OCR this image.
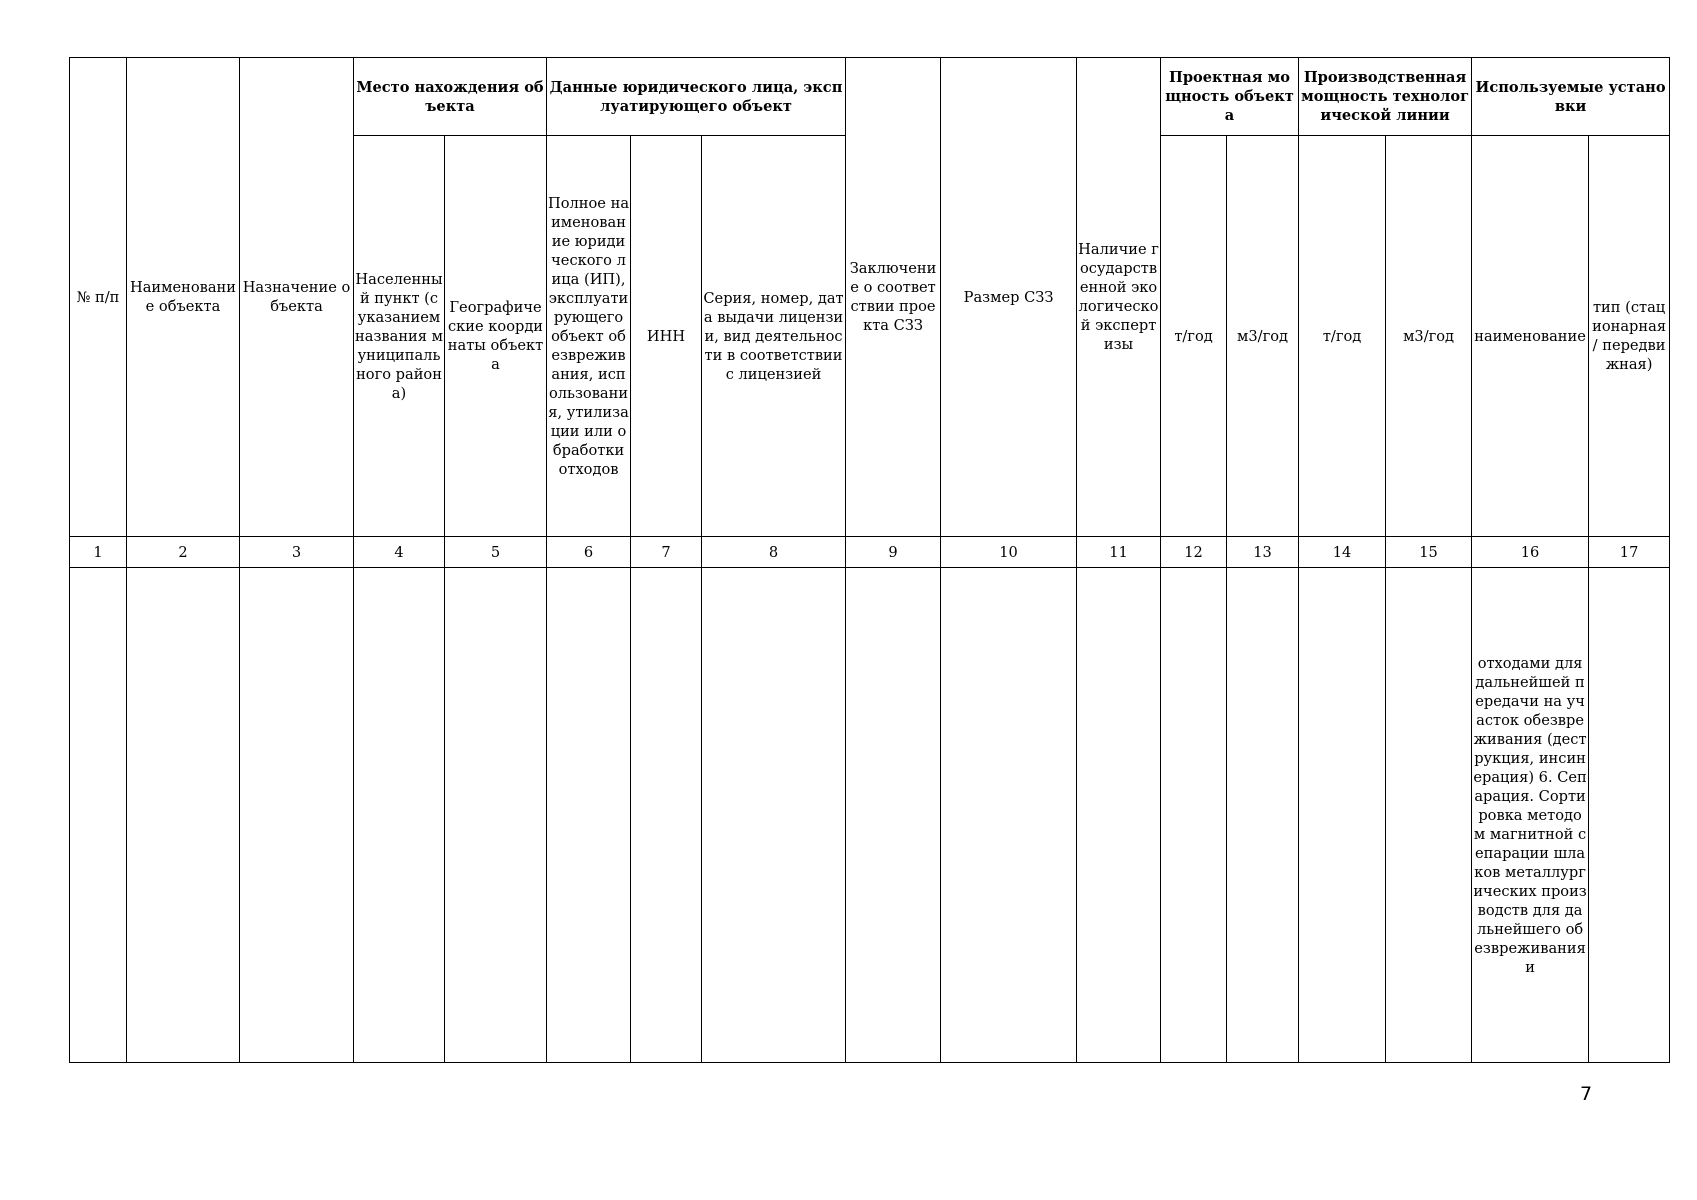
№ п/п	Наименование объекта	Назначение объекта	Место нахождения объекта		Данные юридического лица, эксплуатирующего объект			Заключение о соответствии проекта СЗЗ	Размер СЗЗ	Наличие государственной экологической экспертизы	Проектная мощность объекта		Производственная мощность технологической линии		Используемые установки	
			Населенный пункт (с указанием названия муниципального района)	Географические координаты объекта	Полное наименование юридического лица (ИП), эксплуатирующего объект обезвреживания, использования, утилизации или обработки отходов	ИНН	Серия, номер, дата выдачи лицензии, вид деятельности в соответствии с лицензией				т/год	м3/год	т/год	м3/год	наименование	тип (стационарная / передвижная)
1	2	3	4	5	6	7	8	9	10	11	12	13	14	15	16	17
															отходами для дальнейшей передачи на участок обезвреживания (деструкция, инсинерация) 6. Сепарация. Сортировка методом магнитной сепарации шлаков металлургических производств для дальнейшего обезвреживания и	
7
